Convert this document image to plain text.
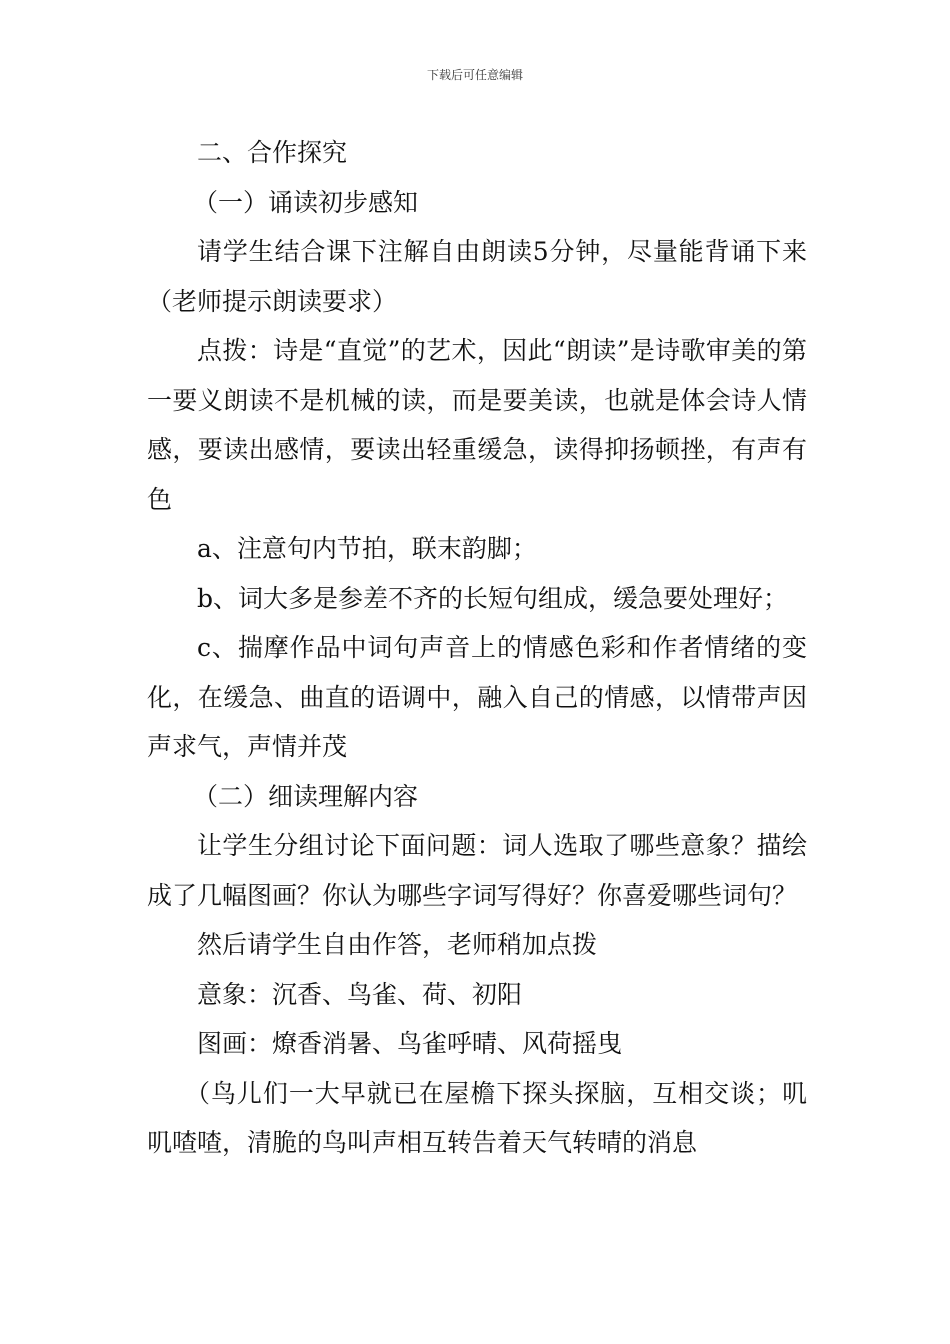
下载后可任意编辑

二、合作探究

（一）诵读初步感知

请学生结合课下注解自由朗读5分钟，尽量能背诵下来（老师提示朗读要求）

点拨：诗是“直觉”的艺术，因此“朗读”是诗歌审美的第一要义朗读不是机械的读，而是要美读，也就是体会诗人情感，要读出感情，要读出轻重缓急，读得抑扬顿挫，有声有色

a、注意句内节拍，联末韵脚；

b、词大多是参差不齐的长短句组成，缓急要处理好；

c、揣摩作品中词句声音上的情感色彩和作者情绪的变化，在缓急、曲直的语调中，融入自己的情感，以情带声因声求气，声情并茂

（二）细读理解内容

让学生分组讨论下面问题：词人选取了哪些意象？描绘成了几幅图画？你认为哪些字词写得好？你喜爱哪些词句？

然后请学生自由作答，老师稍加点拨

意象：沉香、鸟雀、荷、初阳

图画：燎香消暑、鸟雀呼晴、风荷摇曳

（鸟儿们一大早就已在屋檐下探头探脑，互相交谈；叽叽喳喳，清脆的鸟叫声相互转告着天气转晴的消息
